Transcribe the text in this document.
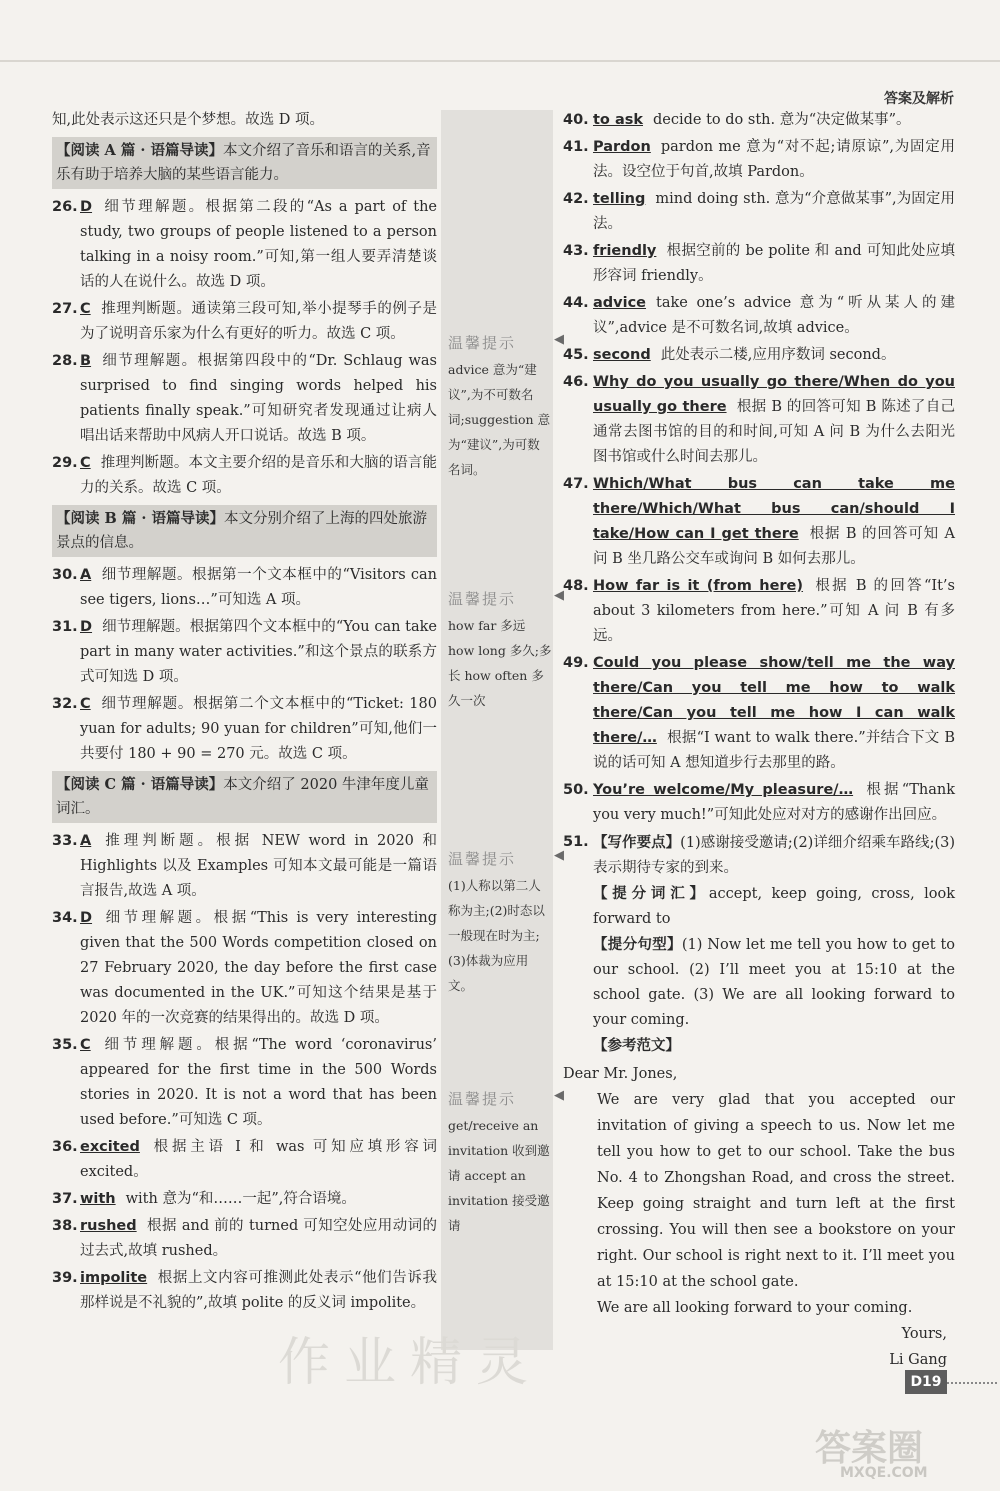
答案及解析
知,此处表示这还只是个梦想。故选 D 项。
【阅读 A 篇 · 语篇导读】本文介绍了音乐和语言的关系,音乐有助于培养大脑的某些语言能力。
26. D 细节理解题。根据第二段的“As a part of the study, two groups of people listened to a person talking in a noisy room.”可知,第一组人要弄清楚谈话的人在说什么。故选 D 项。
27. C 推理判断题。通读第三段可知,举小提琴手的例子是为了说明音乐家为什么有更好的听力。故选 C 项。
28. B 细节理解题。根据第四段中的“Dr. Schlaug was surprised to find singing words helped his patients finally speak.”可知研究者发现通过让病人唱出话来帮助中风病人开口说话。故选 B 项。
29. C 推理判断题。本文主要介绍的是音乐和大脑的语言能力的关系。故选 C 项。
【阅读 B 篇 · 语篇导读】本文分别介绍了上海的四处旅游景点的信息。
30. A 细节理解题。根据第一个文本框中的“Visitors can see tigers, lions…”可知选 A 项。
31. D 细节理解题。根据第四个文本框中的“You can take part in many water activities.”和这个景点的联系方式可知选 D 项。
32. C 细节理解题。根据第二个文本框中的“Ticket: 180 yuan for adults; 90 yuan for children”可知,他们一共要付 180 + 90 = 270 元。故选 C 项。
【阅读 C 篇 · 语篇导读】本文介绍了 2020 牛津年度儿童词汇。
33. A 推理判断题。根据 NEW word in 2020 和 Highlights 以及 Examples 可知本文最可能是一篇语言报告,故选 A 项。
34. D 细节理解题。根据“This is very interesting given that the 500 Words competition closed on 27 February 2020, the day before the first case was documented in the UK.”可知这个结果是基于 2020 年的一次竞赛的结果得出的。故选 D 项。
35. C 细节理解题。根据“The word ‘coronavirus’ appeared for the first time in the 500 Words stories in 2020. It is not a word that has been used before.”可知选 C 项。
36. excited 根据主语 I 和 was 可知应填形容词 excited。
37. with with 意为“和……一起”,符合语境。
38. rushed 根据 and 前的 turned 可知空处应用动词的过去式,故填 rushed。
39. impolite 根据上文内容可推测此处表示“他们告诉我那样说是不礼貌的”,故填 polite 的反义词 impolite。
温馨提示	◀
advice 意为“建议”,为不可数名词;suggestion 意为“建议”,为可数名词。
温馨提示	◀
how far 多远 how long 多久;多长 how often 多久一次
温馨提示	◀
(1)人称以第二人称为主;(2)时态以一般现在时为主;(3)体裁为应用文。
温馨提示	◀
get/receive an invitation 收到邀请 accept an invitation 接受邀请
40. to ask decide to do sth. 意为“决定做某事”。
41. Pardon pardon me 意为“对不起;请原谅”,为固定用法。设空位于句首,故填 Pardon。
42. telling mind doing sth. 意为“介意做某事”,为固定用法。
43. friendly 根据空前的 be polite 和 and 可知此处应填形容词 friendly。
44. advice take one’s advice 意为“听从某人的建议”,advice 是不可数名词,故填 advice。
45. second 此处表示二楼,应用序数词 second。
46. Why do you usually go there/When do you usually go there 根据 B 的回答可知 B 陈述了自己通常去图书馆的目的和时间,可知 A 问 B 为什么去阳光图书馆或什么时间去那儿。
47. Which/What bus can take me there/Which/What bus can/should I take/How can I get there 根据 B 的回答可知 A 问 B 坐几路公交车或询问 B 如何去那儿。
48. How far is it (from here) 根据 B 的回答“It’s about 3 kilometers from here.”可知 A 问 B 有多远。
49. Could you please show/tell me the way there/Can you tell me how to walk there/Can you tell me how I can walk there/… 根据“I want to walk there.”并结合下文 B 说的话可知 A 想知道步行去那里的路。
50. You’re welcome/My pleasure/… 根据“Thank you very much!”可知此处应对对方的感谢作出回应。
51. 【写作要点】(1)感谢接受邀请;(2)详细介绍乘车路线;(3)表示期待专家的到来。
【提分词汇】accept, keep going, cross, look forward to
【提分句型】(1) Now let me tell you how to get to our school. (2) I’ll meet you at 15:10 at the school gate. (3) We are all looking forward to your coming.
【参考范文】
Dear Mr. Jones,
We are very glad that you accepted our invitation of giving a speech to us. Now let me tell you how to get to our school. Take the bus No. 4 to Zhongshan Road, and cross the street. Keep going straight and turn left at the first crossing. You will then see a bookstore on your right. Our school is right next to it. I’ll meet you at 15:10 at the school gate.
We are all looking forward to your coming.
Yours,
Li Gang
作业精灵	D19
答案圈
MXQE.COM
